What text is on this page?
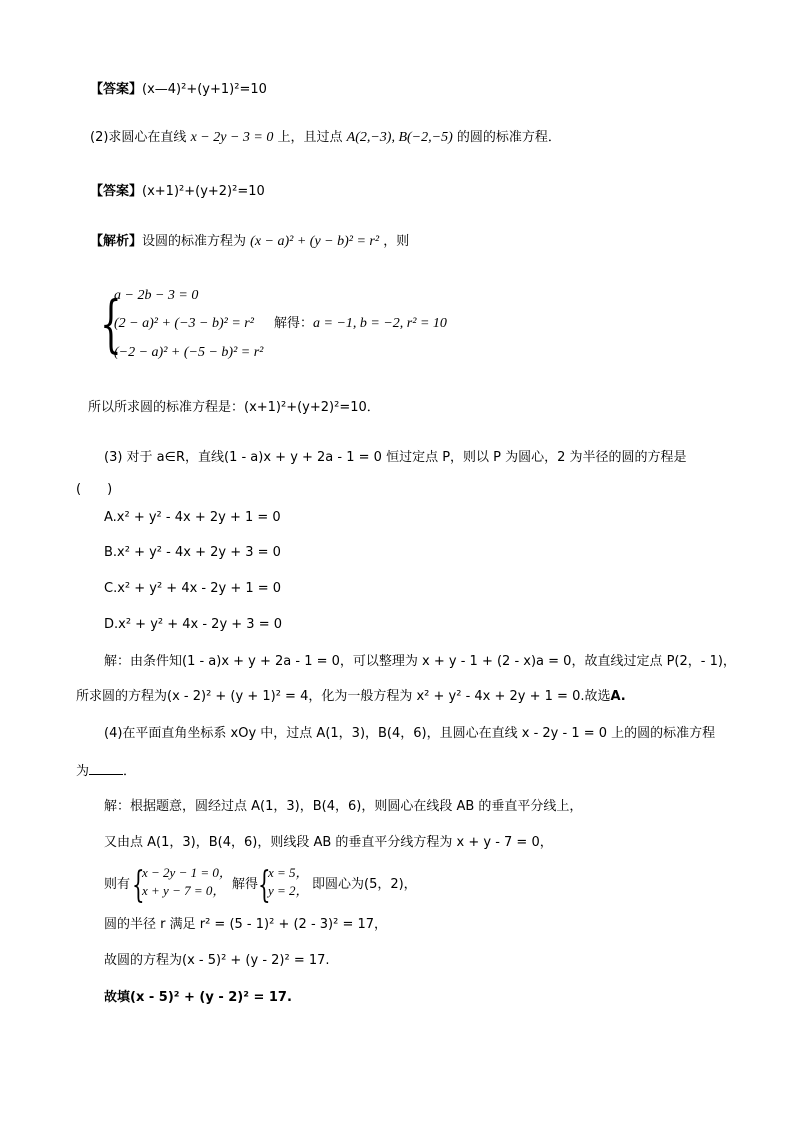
【答案】(x—4)²+(y+1)²=10
(2)求圆心在直线 x − 2y − 3 = 0 上，且过点 A(2,−3), B(−2,−5) 的圆的标准方程．
【答案】(x+1)²+(y+2)²=10
【解析】设圆的标准方程为 (x − a)² + (y − b)² = r² ，则
{
a − 2b − 3 = 0
(2 − a)² + (−3 − b)² = r² 解得：a = −1, b = −2, r² = 10
(−2 − a)² + (−5 − b)² = r²
所以所求圆的标准方程是：(x+1)²+(y+2)²=10．
(3) 对于 a∈R，直线(1 - a)x + y + 2a - 1 = 0 恒过定点 P，则以 P 为圆心，2 为半径的圆的方程是
(　　)
A.x² + y² - 4x + 2y + 1 = 0
B.x² + y² - 4x + 2y + 3 = 0
C.x² + y² + 4x - 2y + 1 = 0
D.x² + y² + 4x - 2y + 3 = 0
解：由条件知(1 - a)x + y + 2a - 1 = 0，可以整理为 x + y - 1 + (2 - x)a = 0，故直线过定点 P(2，- 1)，
所求圆的方程为(x - 2)² + (y + 1)² = 4，化为一般方程为 x² + y² - 4x + 2y + 1 = 0.故选A.
(4)在平面直角坐标系 xOy 中，过点 A(1，3)，B(4，6)，且圆心在直线 x - 2y - 1 = 0 上的圆的标准方程
为	．
解：根据题意，圆经过点 A(1，3)，B(4，6)，则圆心在线段 AB 的垂直平分线上，
又由点 A(1，3)，B(4，6)，则线段 AB 的垂直平分线方程为 x + y - 7 = 0，
则有 {
x − 2y − 1 = 0，
x + y − 7 = 0， 解得 {
x = 5，
y = 2， 即圆心为(5，2)，
圆的半径 r 满足 r² = (5 - 1)² + (2 - 3)² = 17，
故圆的方程为(x - 5)² + (y - 2)² = 17.
故填(x - 5)² + (y - 2)² = 17.
